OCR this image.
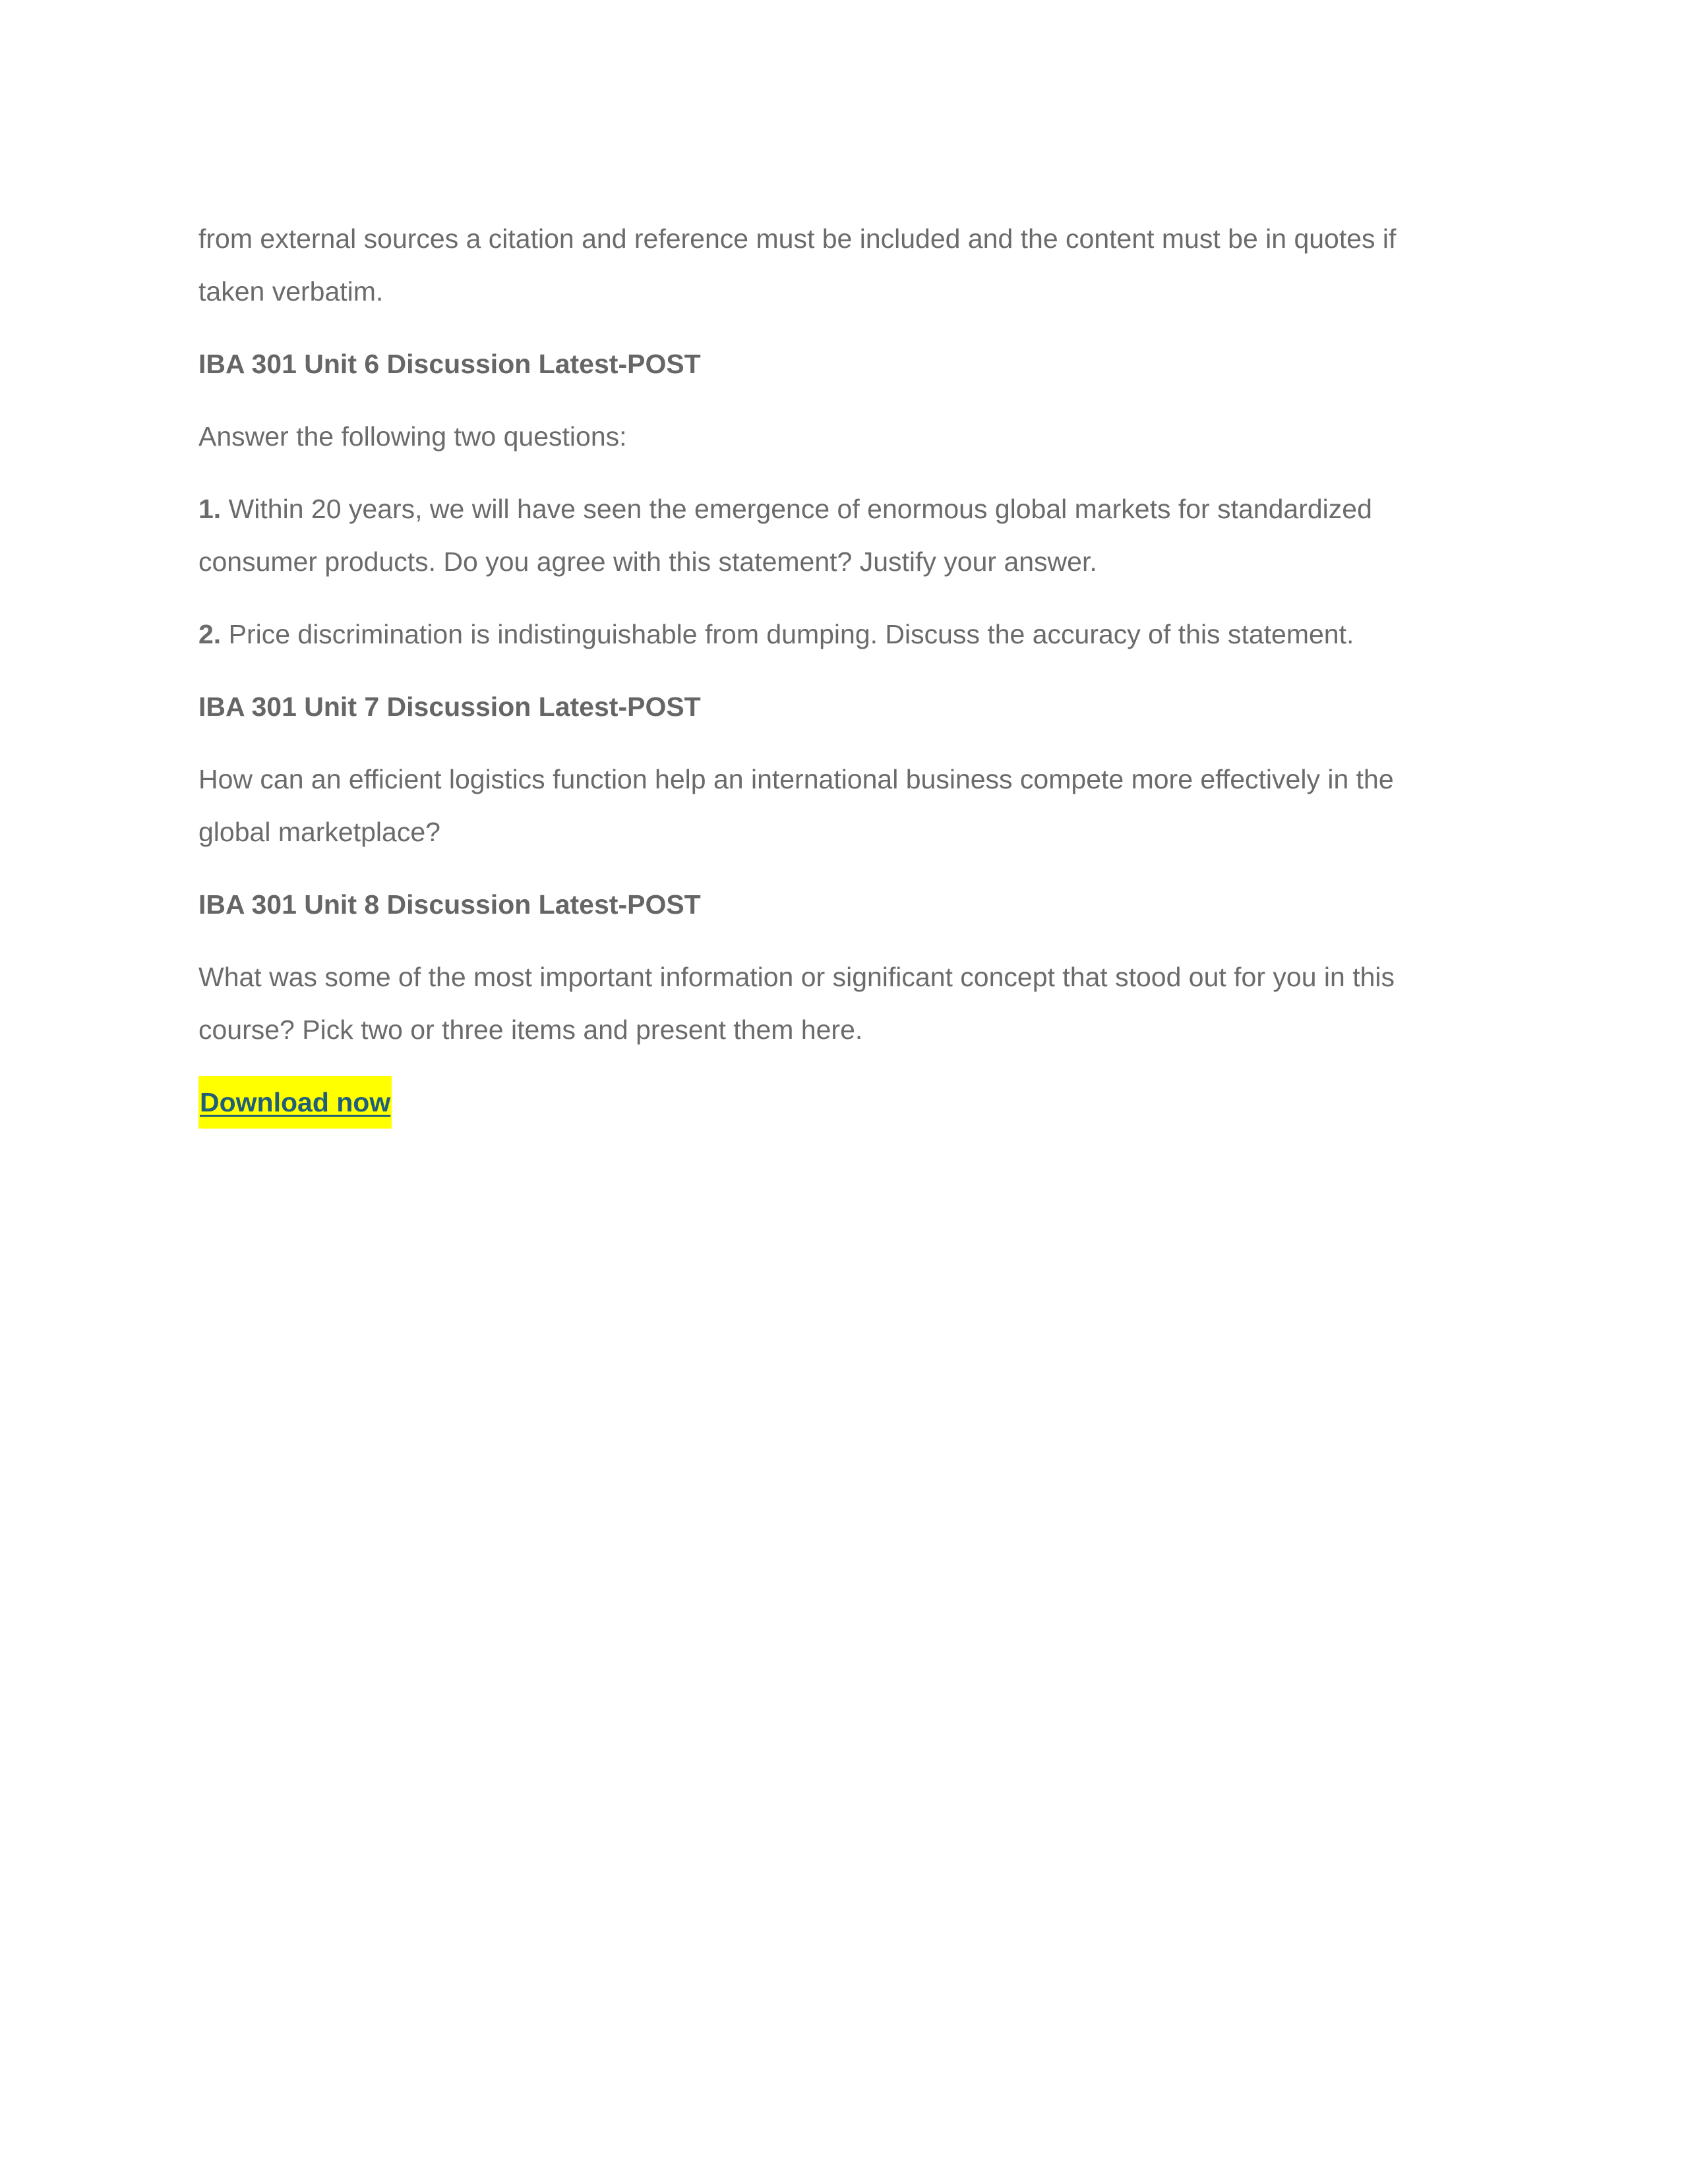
from external sources a citation and reference must be included and the content must be in quotes if

taken verbatim.

IBA 301 Unit 6 Discussion Latest-POST

Answer the following two questions:

1. Within 20 years, we will have seen the emergence of enormous global markets for standardized

consumer products. Do you agree with this statement? Justify your answer.

2. Price discrimination is indistinguishable from dumping. Discuss the accuracy of this statement.

IBA 301 Unit 7 Discussion Latest-POST

How can an efficient logistics function help an international business compete more effectively in the

global marketplace?

IBA 301 Unit 8 Discussion Latest-POST

What was some of the most important information or significant concept that stood out for you in this

course? Pick two or three items and present them here.

Download now
